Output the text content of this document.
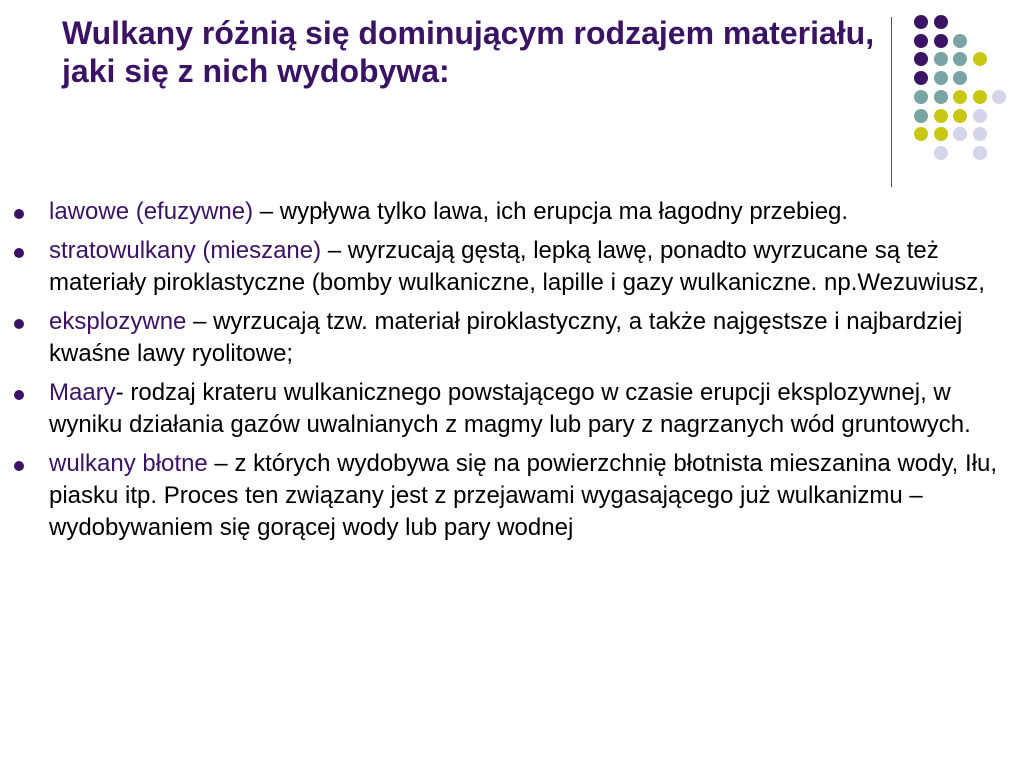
Wulkany różnią się dominującym rodzajem materiału, jaki się z nich wydobywa:
lawowe (efuzywne) – wypływa tylko lawa, ich erupcja ma łagodny przebieg.
stratowulkany (mieszane) – wyrzucają gęstą, lepką lawę, ponadto wyrzucane są też materiały piroklastyczne (bomby wulkaniczne, lapille i gazy wulkaniczne. np.Wezuwiusz,
eksplozywne – wyrzucają tzw. materiał piroklastyczny, a także najgęstsze i najbardziej kwaśne lawy ryolitowe;
Maary- rodzaj krateru wulkanicznego powstającego w czasie erupcji eksplozywnej, w wyniku działania gazów uwalnianych z magmy lub pary z nagrzanych wód gruntowych.
wulkany błotne – z których wydobywa się na powierzchnię błotnista mieszanina wody, Iłu, piasku itp. Proces ten związany jest z przejawami wygasającego już wulkanizmu – wydobywaniem się gorącej wody lub pary wodnej
